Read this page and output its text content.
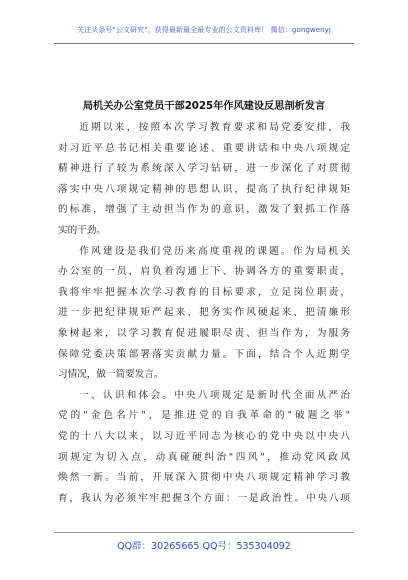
关注头条号"公文研究"，获得最新最全最专业的公文资料库！ 微信：gongwenyj
局机关办公室党员干部2025年作风建设反思剖析发言
近期以来，按照本次学习教育要求和局党委安排，我
对习近平总书记相关重要论述、重要讲话和中央八项规定
精神进行了较为系统深入学习钻研，进一步深化了对贯彻
落实中央八项规定精神的思想认识，提高了执行纪律规矩
的标准，增强了主动担当作为的意识，激发了狠抓工作落
实的干劲。
作风建设是我们党历来高度重视的课题。作为局机关
办公室的一员，肩负着沟通上下、协调各方的重要职责，
我将牢牢把握本次学习教育的目标要求，立足岗位职责，
进一步把纪律规矩严起来、把务实作风硬起来、把清廉形
象树起来，以学习教育促进履职尽责、担当作为，为服务
保障党委决策部署落实贡献力量。下面，结合个人近期学
习情况，做一简要发言。
一、认识和体会。中央八项规定是新时代全面从严治
党的"金色名片"，是推进党的自我革命的"破题之举"
党的十八大以来，以习近平同志为核心的党中央以中央八
项规定为切入点，动真碰硬纠治"四风"，推动党风政风
焕然一新。当前，开展深入贯彻中央八项规定精神学习教
育，我认为必须牢牢把握3个方面：一是政治性。中央八项
QQ群：30265665 QQ号：535304092
